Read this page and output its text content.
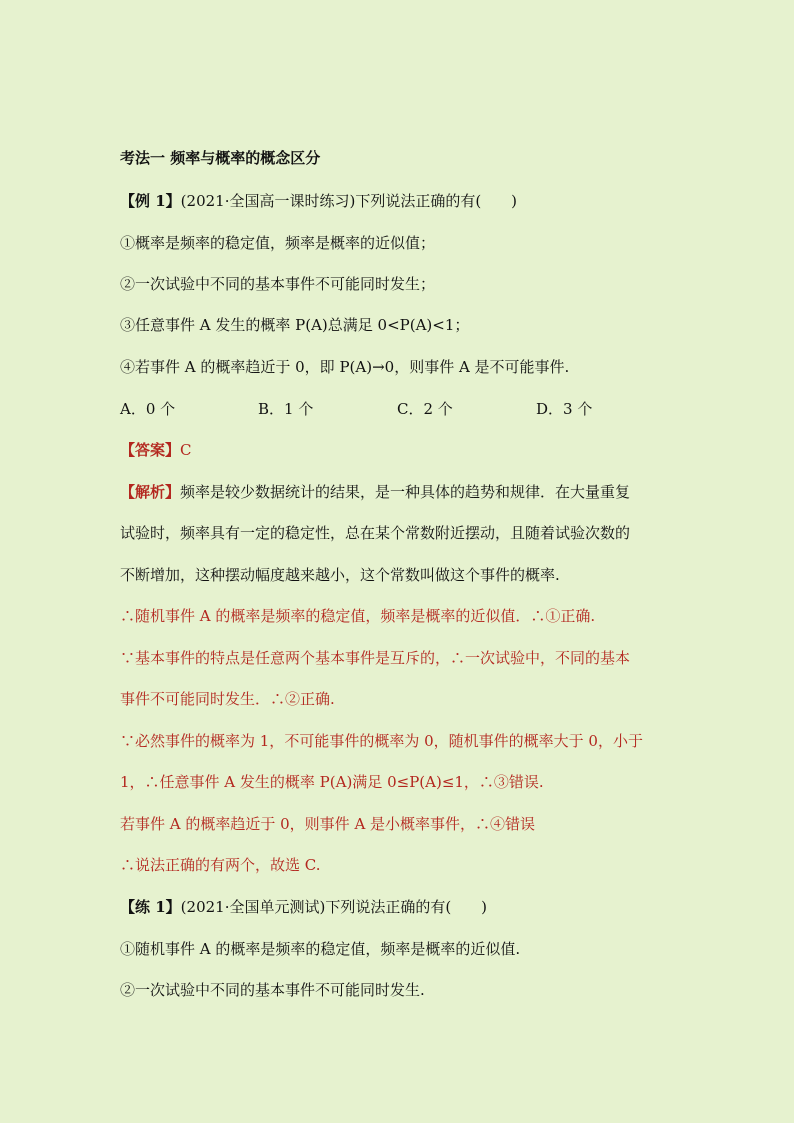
考法一 频率与概率的概念区分
【例 1】(2021·全国高一课时练习)下列说法正确的有(　　)
①概率是频率的稳定值，频率是概率的近似值；
②一次试验中不同的基本事件不可能同时发生；
③任意事件 A 发生的概率 P(A)总满足 0<P(A)<1；
④若事件 A 的概率趋近于 0，即 P(A)→0，则事件 A 是不可能事件.
A．0 个	B．1 个	C．2 个	D．3 个
【答案】C
【解析】频率是较少数据统计的结果，是一种具体的趋势和规律．在大量重复
试验时，频率具有一定的稳定性，总在某个常数附近摆动，且随着试验次数的
不断增加，这种摆动幅度越来越小，这个常数叫做这个事件的概率.
∴随机事件 A 的概率是频率的稳定值，频率是概率的近似值．∴①正确.
∵基本事件的特点是任意两个基本事件是互斥的，∴一次试验中，不同的基本
事件不可能同时发生．∴②正确.
∵必然事件的概率为 1，不可能事件的概率为 0，随机事件的概率大于 0，小于
1，∴任意事件 A 发生的概率 P(A)满足 0≤P(A)≤1，∴③错误.
若事件 A 的概率趋近于 0，则事件 A 是小概率事件，∴④错误
∴说法正确的有两个，故选 C.
【练 1】(2021·全国单元测试)下列说法正确的有(　　)
①随机事件 A 的概率是频率的稳定值，频率是概率的近似值.
②一次试验中不同的基本事件不可能同时发生.
